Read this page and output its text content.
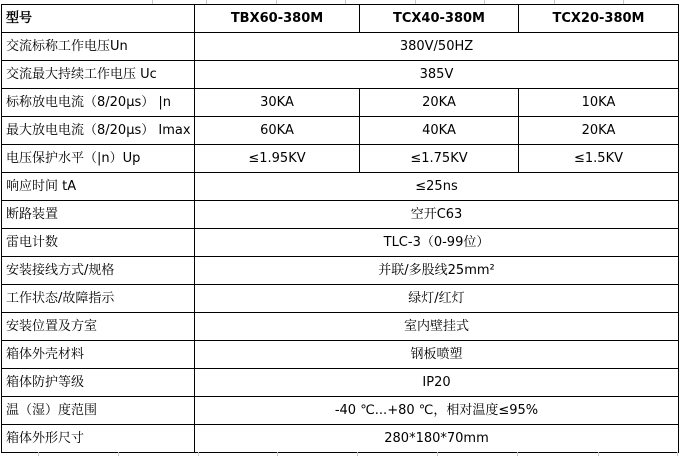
型号	TBX60-380M	TCX40-380M	TCX20-380M
交流标称工作电压Un	380V/50HZ		
交流最大持续工作电压 Uc	385V		
标称放电电流（8/20μs） |n	30KA	20KA	10KA
最大放电电流（8/20μs） Imax	60KA	40KA	20KA
电压保护水平（|n）Up	≤1.95KV	≤1.75KV	≤1.5KV
响应时间 tA	≤25ns		
断路装置	空开C63		
雷电计数	TLC-3（0-99位）		
安装接线方式/规格	并联/多股线25mm²		
工作状态/故障指示	绿灯/红灯		
安装位置及方室	室内壁挂式		
箱体外壳材料	钢板喷塑		
箱体防护等级	IP20		
温（湿）度范围	-40 ℃...+80 ℃，相对温度≤95%		
箱体外形尺寸	280*180*70mm		
